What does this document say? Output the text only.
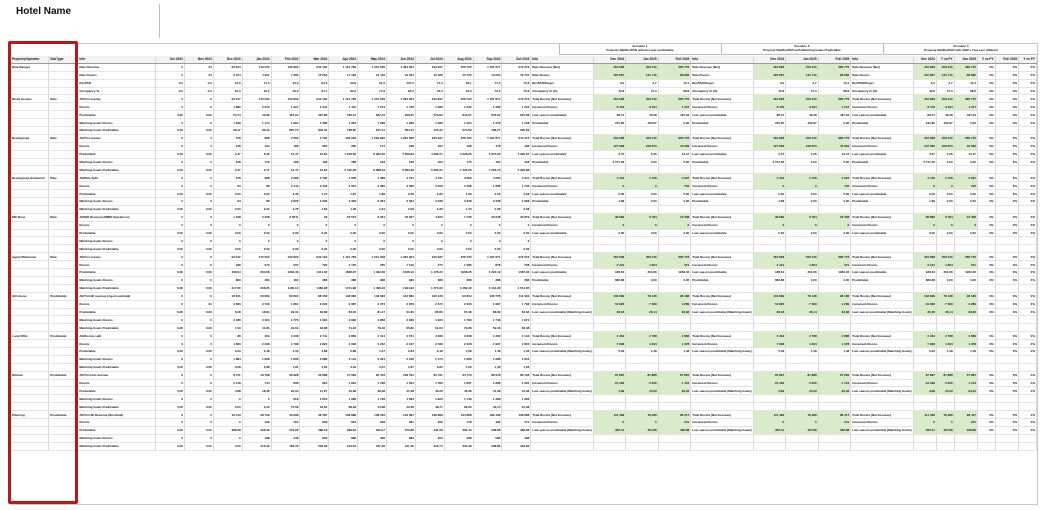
Hotel Name
Scenario 1
Property Nat/RevPAR with last year perdictable
Scenario 2
Property Nat/RevPAR with Matching Goals Predictable
Scenario 3
Property Nat/RevPAR with ADR's Year ever different
Property/Operator	SubType	Info	Oct 2023	Nov 2023	Dec 2023	Jan 2024	Feb 2024	Mar 2024	Apr 2024	May 2024	Jun 2024	Jul 2024	Aug 2024	Sep 2024	Oct 2024	Info	Dec 2024	Jan 2025	Full 2025	Info	Dec 2024	Jan 2025	Full 2025	Info	Dec 2024	Y vs PY	Jan 2025	Y vs PY	Full 2025	Y vs PY
Rate Ranges		Rate Revenue	0	34	93 624	179 000	162 893	643 163	1 121 783	1 012 028	1 284 904	916 937	678 723	1 187 871	915 276	Rate Revenue [Net]	464 828	459 316	686 776	Rate Revenue [Net]	464 828	459 316	686 776	Rate Revenue [Net]	464 828	459 316	686 776	0%	0%	0%
		Rate Rooms	0	34	2 374	4 901	7 280	10 264	17 199	13 418	19 404	19 328	10 723	13 064	16 707	Rate Rooms	187 867	131 716	88 866	Rate Rooms	187 867	131 716	88 866	Rate Rooms	187 867	131 716	88 866	0%	0%	0%
		RevPAR	0,0	0,0	13,9	17,3	24,3	53,3	93,8	91,6	107,0	71,3	59,1	77,3	72,8	RevPAR/Target	3,0	3,7	10,4	RevPAR/Target	3,0	3,7	10,4	RevPAR/Target	3,0	3,7	10,4	0%	0%	0%
		Occupancy %	0,0	0,0	16,3	16,9	43,3	64,7	83,3	77,8	84,3	79,3	64,3	79,3	73,8	Occupancy % (%)	42,8	47,3	88,8	Occupancy % (%)	42,8	47,3	88,8	Occupancy % (%)	42,8	47,3	88,8	0%	0%	0%
Block Groups	Rate	Alt/Tot revenue	0	0	93 047	170 000	163 800	643 163	1 121 783	1 012 028	1 284 904	916 937	678 723	1 187 871	915 276	Total Rooms [Net Increase]	464 828	459 316	686 776	Total Rooms [Net Increase]	464 828	459 316	686 776	Total Rooms [Net Increase]	464 828	459 316	686 776	0%	0%	0%
		Rooms	0	0	1 886	2 610	1 321	1 344	1 410	1 274	1 478	1 288	1 633	1 288	1 203	Increment Rooms	8 479	9 944	1 247	Increment Rooms	8 479	9 944	1 247	Increment Rooms	8 479	9 944	1 247	0%	0%	0%
		Predictable	0,00	0,00	54,74	49,28	467,94	497,98	782,37	567,16	938,35	570,83	844,67	679,22	845,68	Last season predictable	88,74	49,28	467,94	Last season predictable	88,74	49,28	467,94	Last season predictable	88,74	49,28	467,94	0%	0%	0%
		Matching Goals Rooms	0	0	1 848	1 474	1 884	1 386	1 284	1 268	1 288	1 288	1 324	1 278	1 248	Predictable	240,85	460,67	0,00	Predictable	240,85	460,67	0,00	Predictable	240,85	460,67	0,00	0%	0%	0%
		Matching Goals Predictable	0,00	0,00	26,47	83,23	887,75	846,34	798,80	671,31	594,72	473,32	674,69	788,77	630,69															
Bestelgroep	Rate	Alt/Tot revenue	0	0	478	988	2 280	2 784	406 918	1 284 826	1 284 826	916 937	678 723	1 187 871	915 276	Total Rooms [Net Increase]	464 828	459 316	686 776	Total Rooms [Net Increase]	464 828	459 316	686 776	Total Rooms [Net Increase]	464 828	459 316	686 776	0%	0%	0%
		Rooms	0	0	128	194	188	263	290	174	188	184	168	178	188	Increment Rooms	127 983	108 870	40 669	Increment Rooms	127 983	108 870	40 669	Increment Rooms	127 983	108 870	40 669	0%	0%	0%
		Predictable	0,00	0,00	3,47	5,26	13,47	13,84	1 879,84	8 083,26	7 308,83	4 698,71	4 228,26	6 975,83	4 926,67	Last season predictable	3,47	5,26	13,47	Last season predictable	3,47	5,26	13,47	Last season predictable	3,47	5,26	13,47	0%	0%	0%
		Matching Goals Rooms	0	0	128	176	168	198	188	184	168	184	176	184	128	Predictable	2 747,06	0,00	0,00	Predictable	2 747,06	0,00	0,00	Predictable	2 747,06	0,00	0,00	0%	0%	0%
		Matching Goals Predictable	0,00	0,00	3,47	0,71	13,47	10,84	2 445,08	8 088,03	6 083,38	5 083,31	7 303,26	7 323,73	5 942,88															
Bestelgroep Enhanced	Rate	Alt/Rate Split	0	0	478	988	2 288	2 784	4 048	4 488	4 731	4 441	3 689	4 083	2 941	Total Rooms [Net Increase]	3 416	2 728	2 997	Total Rooms [Net Increase]	3 416	2 728	2 997	Total Rooms [Net Increase]	3 416	2 728	2 997	0%	0%	0%
		Rooms	0	0	84	88	2 143	3 439	3 331	3 386	3 366	3 468	3 368	1 968	1 733	Increment Rooms	0	0	702	Increment Rooms	0	0	702	Increment Rooms	0	0	702	0%	0%	0%
		Predictable	0,00	0,00	0,00	0,00	4,36	1,73	1,87	1,88	2,08	1,83	1,93	2,16	2,08	Last season predictable	0,00	0,00	0,00	Last season predictable	0,00	0,00	0,00	Last season predictable	0,00	0,00	0,00	0%	0%	0%
		Matching Goals Rooms	0	0	84	88	2 828	3 328	3 328	3 364	3 364	3 238	3 328	3 328	3 368	Predictable	1,68	0,00	0,00	Predictable	1,68	0,00	0,00	Predictable	1,68	0,00	0,00	0%	0%	0%
		Matching Goals Predictable	0,00	0,00	0,00	0,00	4,78	1,83	1,48	1,91	2,08	1,83	1,73	2,08	2,08															
Mill Rose	Rate	Alt/Mill Revenue (MMM Operations)	0	0	1 198	2 338	6 8311	48	33 573	8 961	18 847	4 833	1 538	33 848	33 879	Total Rooms [Net Increase]	38 889	9 784	18 458	Total Rooms [Net Increase]	38 889	9 784	18 458	Total Rooms [Net Increase]	38 889	9 784	18 458	0%	0%	0%
		Rooms	0	0	0	0	0	0	0	0	0	0	0	0	0	Increment Rooms	0	0	0	Increment Rooms	0	0	0	Increment Rooms	0	0	0	0%	0%	0%
		Predictable	0,00	0,00	0,00	0,00	0,00	0,00	0,00	0,00	0,00	0,00	0,00	0,00	0,00	Last season predictable	0,00	0,00	0,00	Last season predictable	0,00	0,00	0,00	Last season predictable	0,00	0,00	0,00	0%	0%	0%
		Matching Goals Rooms	0	0	0	0	0	0	0	0	0	0	0	0	0															
		Matching Goals Predictable	0,00	0,00	0,00	0,00	0,00	0,00	0,00	0,00	0,00	0,00	0,00	0,00	0,00															
Agent Minimums	Rate	Alt/Tot revenue	0	0	93 047	170 000	163 800	643 163	1 121 783	1 012 028	1 284 904	916 937	678 723	1 187 871	915 276	Total Rooms [Net Increase]	464 828	459 316	686 776	Total Rooms [Net Increase]	464 828	459 316	686 776	Total Rooms [Net Increase]	464 828	459 316	686 776	0%	0%	0%
		Rooms	0	0	188	273	537	726	1 176	785	1 120	775	1 086	878	768	Increment Rooms	2 441	1 804	371	Increment Rooms	2 441	1 804	371	Increment Rooms	2 441	1 804	371	0%	0%	0%
		Predictable	0,00	0,00	108,64	264,68	1963,46	1411,63	1828,27	1 332,86	1038,19	1 178,22	1968,26	1 222,19	1087,93	Last season predictable	188,64	264,68	1963,46	Last season predictable	188,64	264,68	1963,46	Last season predictable	188,64	264,68	1963,46	0%	0%	0%
		Matching Goals Rooms	0	0	883	483	484	388	388	388	383	388	388	388	388	Predictable	680,88	0,00	0,00	Predictable	680,88	0,00	0,00	Predictable	680,88	0,00	0,00	0%	0%	0%
		Matching Goals Predictable	0,00	0,00	217,66	208,26	1109,13	1482,98	1741,98	1 498,46	1 994,63	1 274,96	1 282,43	3 131,28	1 514,85															
Hill House	Predictable	Alt/Tot Hill revenue (Agent subtotal)	0	0	16 631	29 689	83 893	88 458	148 683	133 383	134 883	136 128	93 834	128 778	111 333	Total Rooms [Net Increase]	133 899	78 138	98 186	Total Rooms [Net Increase]	133 899	78 138	98 186	Total Rooms [Net Increase]	133 899	78 138	98 186	0%	0%	0%
		Rooms	0	24	3 663	3 729	1 881	2 834	2 387	2 373	2 878	2 472	2 346	1 987	1 798	Increment Rooms	19 826	7 389	3 289	Increment Rooms	19 826	7 389	3 289	Increment Rooms	19 826	7 389	3 289	0%	0%	0%
		Predictable	0,00	0,00	6,38	18,84	29,31	39,88	63,46	81,47	61,83	86,83	67,48	68,69	62,84	Last season predictable [Matching Goals]	36,18	26,14	83,83	Last season predictable [Matching Goals]	36,18	26,14	83,83	Last season predictable [Matching Goals]	36,18	26,14	83,83	0%	0%	0%
		Matching Goals Rooms	0	0	3 188	3 464	1 776	1 893	2 848	2 868	2 838	1 934	1 783	1 748	1 673															
		Matching Goals Predictable	0,00	0,00	7,43	11,83	31,61	43,88	71,18	79,32	65,82	61,64	72,38	59,18	66,38															
Local Offer	Predictable	Alt/Rooms split	0	0	88	463	3 338	2 711	4 869	4 414	4 674	4 838	3 668	4 483	4 134	Total Rooms [Net Increase]	2 464	2 788	2 886	Total Rooms [Net Increase]	2 464	2 788	2 886	Total Rooms [Net Increase]	2 464	2 788	2 886	0%	0%	0%
		Rooms	0	0	1 683	2 348	1 798	2 822	2 348	2 232	2 347	2 338	2 238	1 997	2 833	Increment Rooms	7 838	1 834	1 378	Increment Rooms	7 838	1 834	1 378	Increment Rooms	7 838	1 834	1 378	0%	0%	0%
		Predictable	0,00	0,00	0,23	0,48	1,16	1,88	2,88	1,47	2,84	2,18	1,68	1,48	1,48	Last season predictable [Matching Goals]	0,33	1,48	1,48	Last season predictable [Matching Goals]	0,33	1,48	1,48	Last season predictable [Matching Goals]	0,33	1,48	1,48	0%	0%	0%
		Matching Goals Rooms	0	0	1 884	1 828	1 836	2 888	2 144	2 264	2 186	2 173	1 986	1 988	1 844															
		Matching Goals Predictable	0,00	0,00	0,28	0,88	1,81	1,84	3,18	3,37	1,87	2,84	1,66	1,46	1,36															
Kitchen	Predictable	Alt/Tot total revenue	0	0	8 741	18 788	28 828	33 888	47 669	84 478	108 764	83 731	64 779	88 978	88 138	Total Rooms [Net Increase]	87 897	81 888	67 881	Total Rooms [Net Increase]	87 897	81 888	67 881	Total Rooms [Net Increase]	87 897	81 888	67 881	0%	0%	0%
		Rooms	0	0	2 148	744	838	823	1 834	1 788	1 623	1 783	1 837	1 888	1 934	Increment Rooms	24 393	2 846	1 154	Increment Rooms	24 393	2 846	1 154	Increment Rooms	24 393	2 846	1 154	0%	0%	0%
		Predictable	0,00	0,00	4,88	18,38	23,34	41,87	43,38	38,38	41,38	43,28	46,38	41,38	44,38	Last season predictable [Matching Goals]	3,89	24,63	84,94	Last season predictable [Matching Goals]	3,89	24,63	84,94	Last season predictable [Matching Goals]	3,89	24,63	84,94	0%	0%	0%
		Matching Goals Rooms	0	0	0	0	818	1 818	1 668	1 748	1 693	1 823	1 446	1 388	1 383															
		Matching Goals Predictable	0,00	0,00	0,00	0,00	73,68	43,84	68,33	44,88	42,38	48,71	82,63	43,74	61,38															
Planning	Predictable	Alt/Tot Hill Revenue (Restfund)	0	0	18 443	28 739	33 838	38 187	138 888	138 183	148 381	138 888	134 888	188 188	138 888	Total Rooms [Net Increase]	111 483	78 388	98 417	Total Rooms [Net Increase]	111 483	78 388	98 417	Total Rooms [Net Increase]	111 483	78 388	98 417	0%	0%	0%
		Rooms	0	0	0	199	464	648	623	648	381	496	478	486	474	Increment Rooms	0	0	241	Increment Rooms	0	0	241	Increment Rooms	0	0	241	0%	0%	0%
		Predictable	0,00	0,00	388,38	336,38	373,28	388,18	396,84	329,27	376,88	342,38	381,13	338,88	368,88	Last season predictable [Matching Goals]	366,41	304,88	328,88	Last season predictable [Matching Goals]	366,41	304,88	328,88	Last season predictable [Matching Goals]	366,41	304,88	328,88	0%	0%	0%
		Matching Goals Rooms	0	0	0	188	448	848	888	486	883	493	488	588	488															
		Matching Goals Predictable	0,00	0,00	0,00	215,39	163,35	233,38	313,23	347,36	311,78	313,74	331,38	338,86	333,82															
